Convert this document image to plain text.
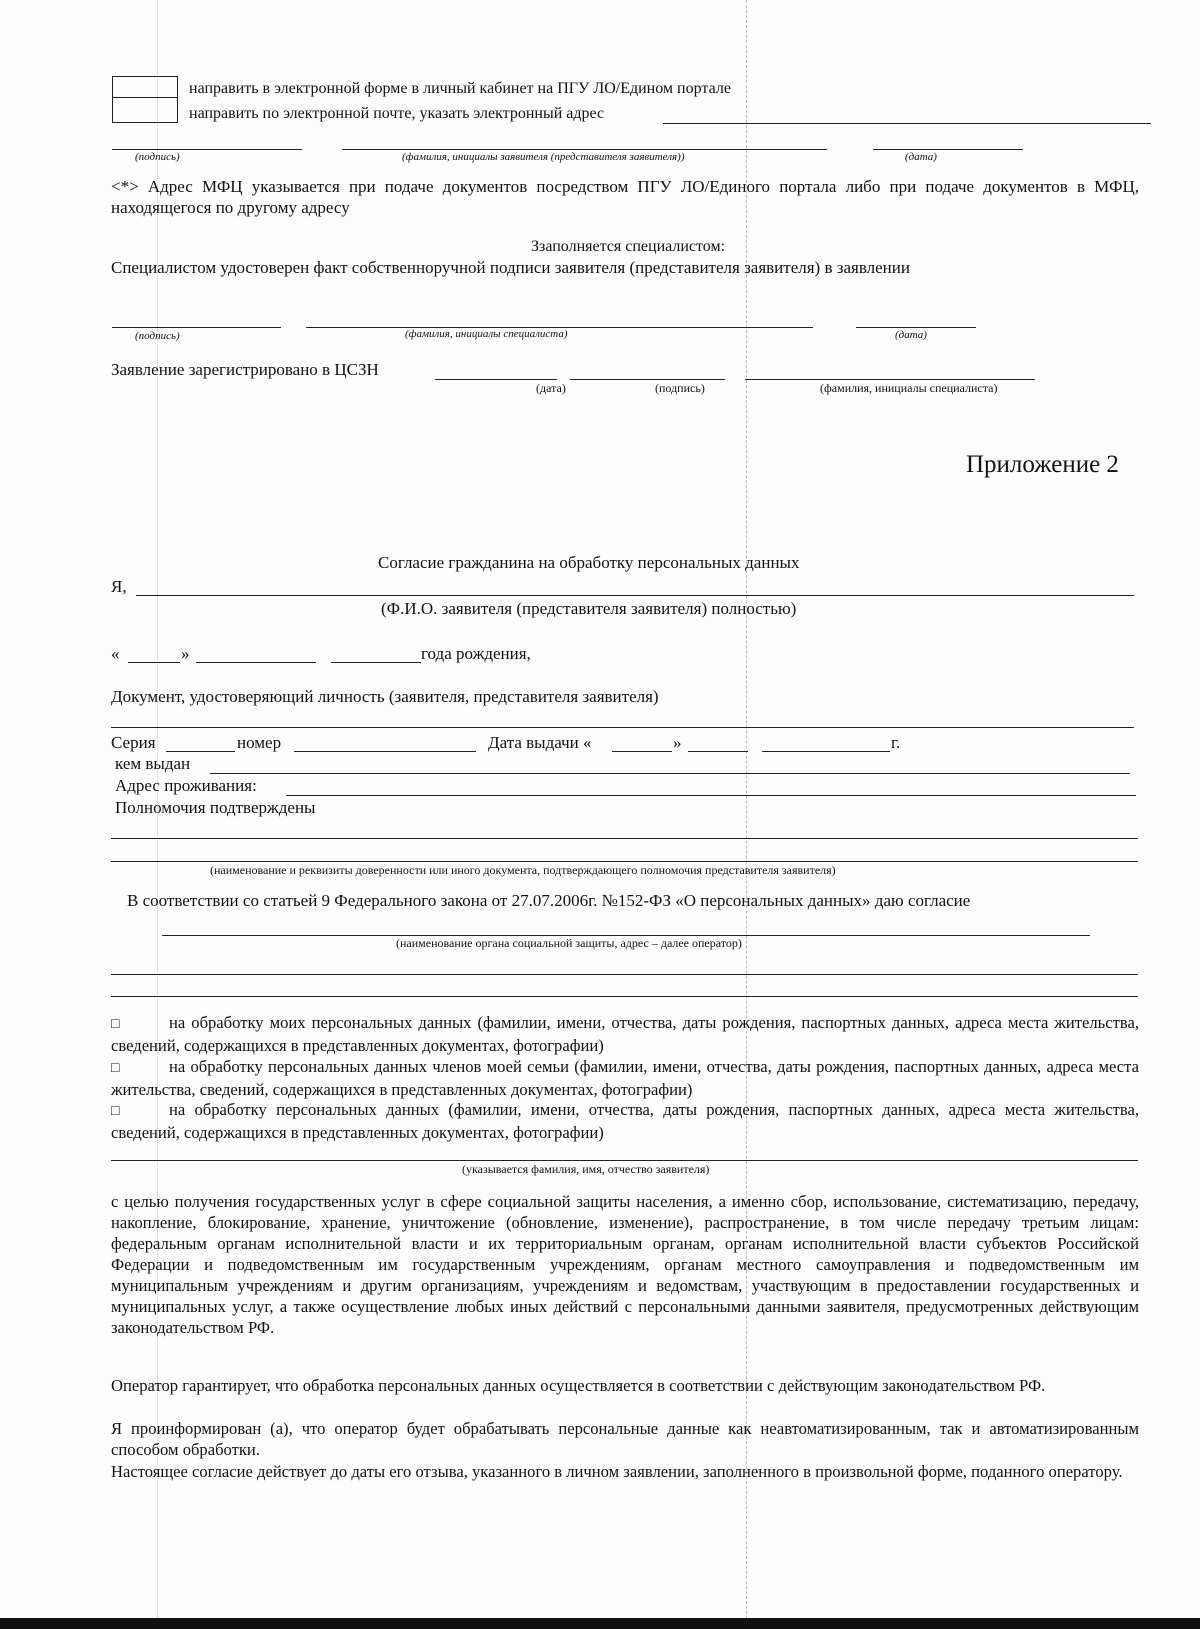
направить в электронной форме в личный кабинет на ПГУ ЛО/Едином портале
направить по электронной почте, указать электронный адрес
(подпись)	(фамилия, инициалы заявителя (представителя заявителя))	(дата)
<*> Адрес МФЦ указывается при подаче документов посредством ПГУ ЛО/Единого портала либо при подаче документов в МФЦ, находящегося по другому адресу
Ззаполняется специалистом:
Специалистом удостоверен факт собственноручной подписи заявителя (представителя заявителя) в заявлении
(подпись)	(фамилия, инициалы специалиста)	(дата)
Заявление зарегистрировано в ЦСЗН
(дата)	(подпись)	(фамилия, инициалы специалиста)
Приложение 2
Согласие гражданина на обработку персональных данных
Я,
(Ф.И.О. заявителя (представителя заявителя) полностью)
«	»	года рождения,
Документ, удостоверяющий личность (заявителя, представителя заявителя)
Серия	номер	Дата выдачи «	»	г.
кем выдан
Адрес проживания:
Полномочия подтверждены
(наименование и реквизиты доверенности или иного документа, подтверждающего полномочия представителя заявителя)
В соответствии со статьей 9 Федерального закона от 27.07.2006г. №152-ФЗ «О персональных данных» даю согласие
(наименование органа социальной защиты, адрес – далее оператор)
□	на обработку моих персональных данных (фамилии, имени, отчества, даты рождения, паспортных данных, адреса места жительства, сведений, содержащихся в представленных документах, фотографии)
□	на обработку персональных данных членов моей семьи (фамилии, имени, отчества, даты рождения, паспортных данных, адреса места жительства, сведений, содержащихся в представленных документах, фотографии)
□	на обработку персональных данных (фамилии, имени, отчества, даты рождения, паспортных данных, адреса места жительства, сведений, содержащихся в представленных документах, фотографии)
(указывается фамилия, имя, отчество заявителя)
с целью получения государственных услуг в сфере социальной защиты населения, а именно сбор, использование, систематизацию, передачу, накопление, блокирование, хранение, уничтожение (обновление, изменение), распространение, в том числе передачу третьим лицам: федеральным органам исполнительной власти и их территориальным органам, органам исполнительной власти субъектов Российской Федерации и подведомственным им государственным учреждениям, органам местного самоуправления и подведомственным им муниципальным учреждениям и другим организациям, учреждениям и ведомствам, участвующим в предоставлении государственных и муниципальных услуг, а также осуществление любых иных действий с персональными данными заявителя, предусмотренных действующим законодательством РФ.
Оператор гарантирует, что обработка персональных данных осуществляется в соответствии с действующим законодательством РФ.
Я проинформирован (а), что оператор будет обрабатывать персональные данные как неавтоматизированным, так и автоматизированным способом обработки.
Настоящее согласие действует до даты его отзыва, указанного в личном заявлении, заполненного в произвольной форме, поданного оператору.
